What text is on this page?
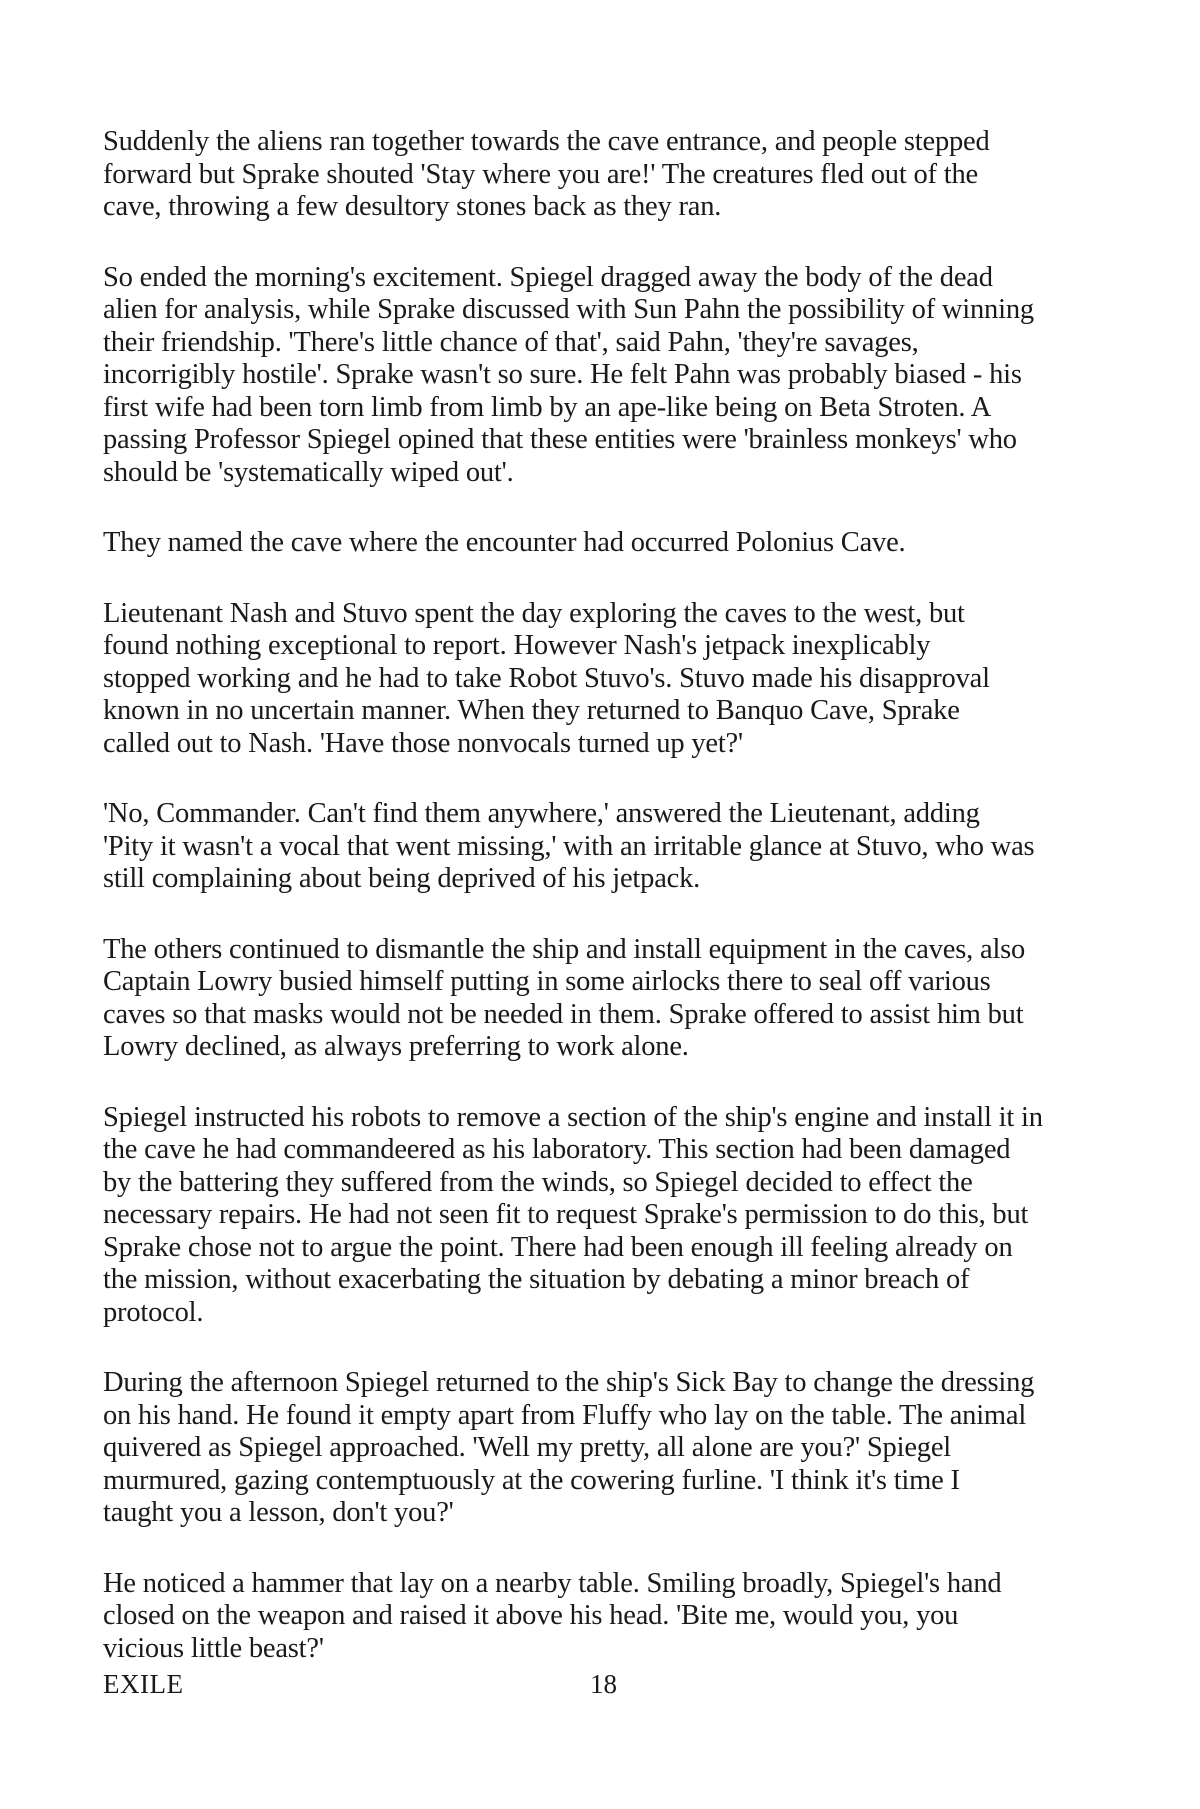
Suddenly the aliens ran together towards the cave entrance, and people stepped
forward but Sprake shouted 'Stay where you are!' The creatures fled out of the
cave, throwing a few desultory stones back as they ran.

So ended the morning's excitement. Spiegel dragged away the body of the dead
alien for analysis, while Sprake discussed with Sun Pahn the possibility of winning
their friendship. 'There's little chance of that', said Pahn, 'they're savages,
incorrigibly hostile'. Sprake wasn't so sure. He felt Pahn was probably biased - his
first wife had been torn limb from limb by an ape-like being on Beta Stroten. A
passing Professor Spiegel opined that these entities were 'brainless monkeys' who
should be 'systematically wiped out'.

They named the cave where the encounter had occurred Polonius Cave.

Lieutenant Nash and Stuvo spent the day exploring the caves to the west, but
found nothing exceptional to report. However Nash's jetpack inexplicably
stopped working and he had to take Robot Stuvo's. Stuvo made his disapproval
known in no uncertain manner. When they returned to Banquo Cave, Sprake
called out to Nash. 'Have those nonvocals turned up yet?'

'No, Commander. Can't find them anywhere,' answered the Lieutenant, adding
'Pity it wasn't a vocal that went missing,' with an irritable glance at Stuvo, who was
still complaining about being deprived of his jetpack.

The others continued to dismantle the ship and install equipment in the caves, also
Captain Lowry busied himself putting in some airlocks there to seal off various
caves so that masks would not be needed in them. Sprake offered to assist him but
Lowry declined, as always preferring to work alone.

Spiegel instructed his robots to remove a section of the ship's engine and install it in
the cave he had commandeered as his laboratory. This section had been damaged
by the battering they suffered from the winds, so Spiegel decided to effect the
necessary repairs. He had not seen fit to request Sprake's permission to do this, but
Sprake chose not to argue the point. There had been enough ill feeling already on
the mission, without exacerbating the situation by debating a minor breach of
protocol.

During the afternoon Spiegel returned to the ship's Sick Bay to change the dressing
on his hand. He found it empty apart from Fluffy who lay on the table. The animal
quivered as Spiegel approached. 'Well my pretty, all alone are you?' Spiegel
murmured, gazing contemptuously at the cowering furline. 'I think it's time I
taught you a lesson, don't you?'

He noticed a hammer that lay on a nearby table. Smiling broadly, Spiegel's hand
closed on the weapon and raised it above his head. 'Bite me, would you, you
vicious little beast?'

EXILE	18
